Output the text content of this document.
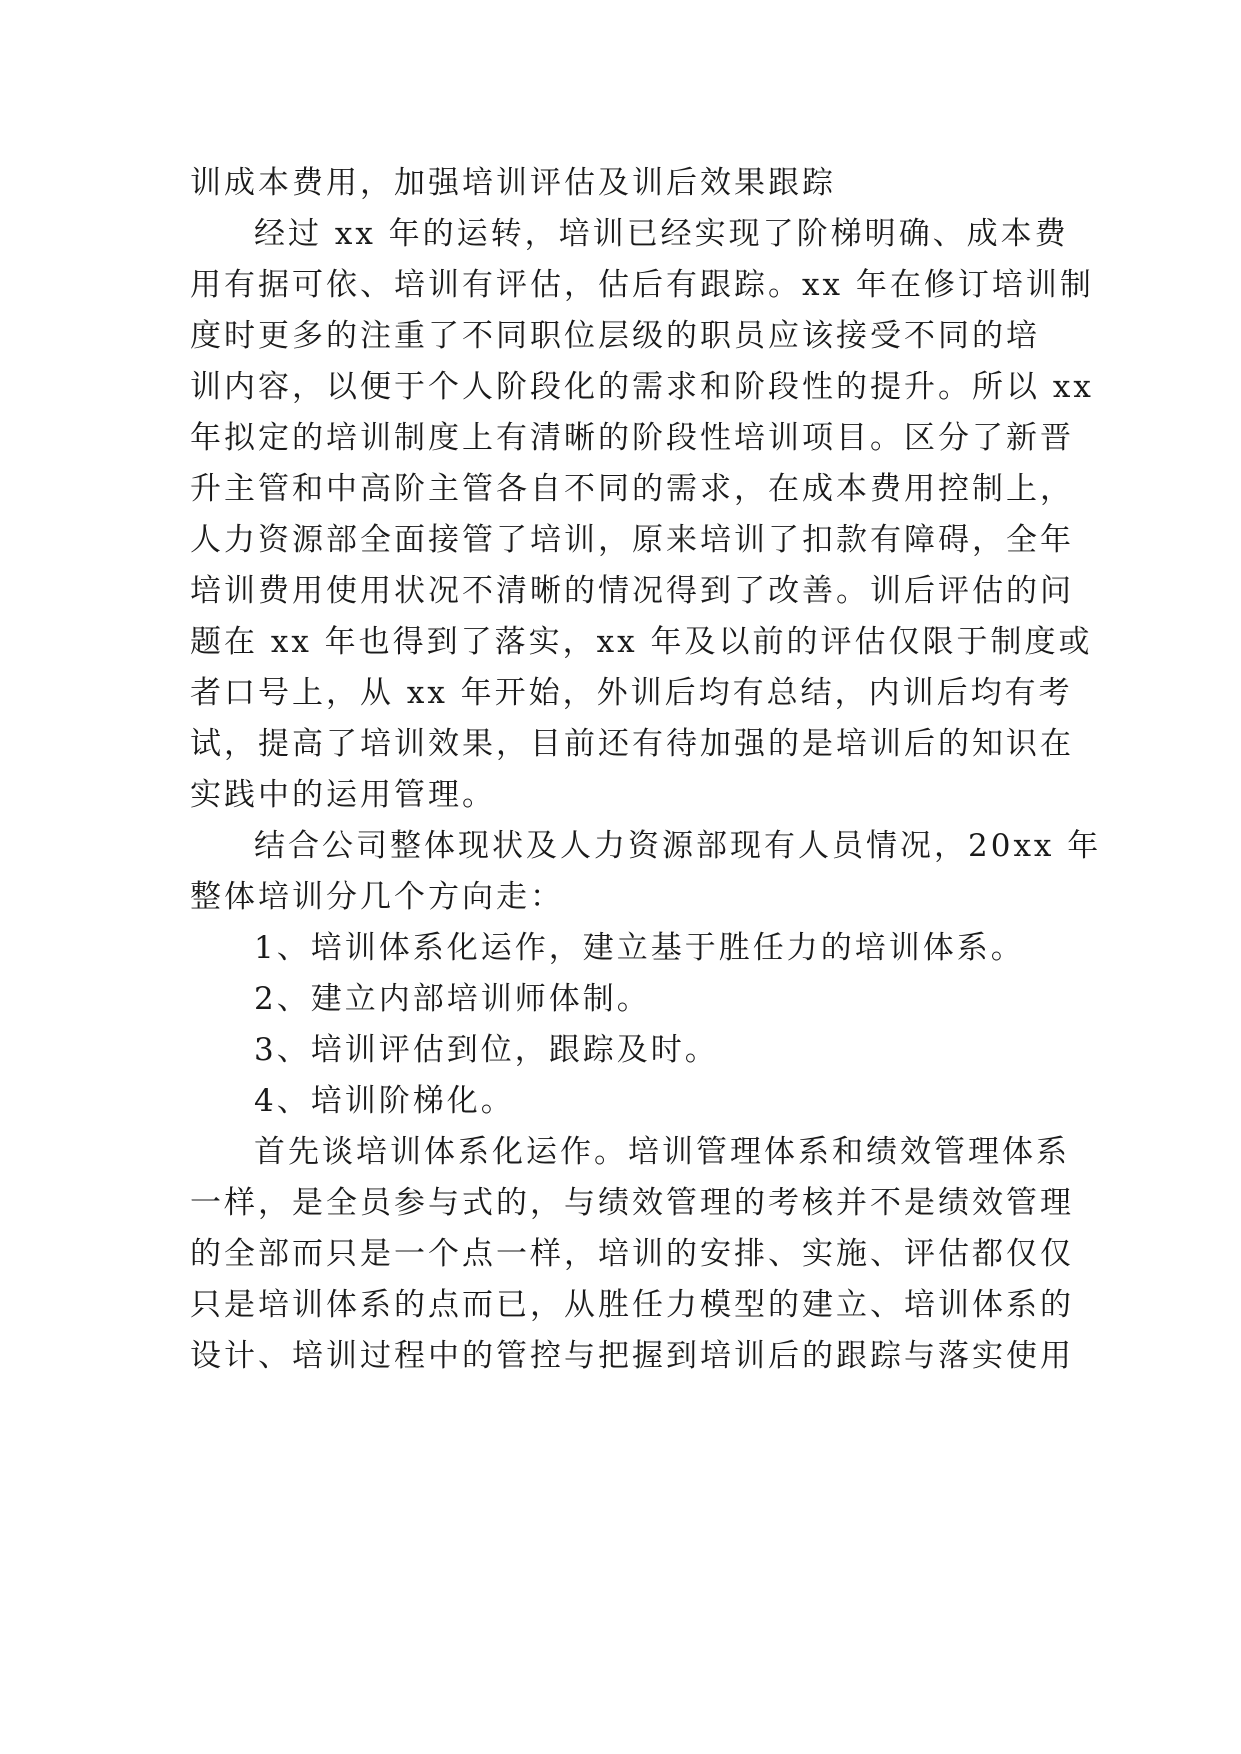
训成本费用，加强培训评估及训后效果跟踪
经过 xx 年的运转，培训已经实现了阶梯明确、成本费
用有据可依、培训有评估，估后有跟踪。xx 年在修订培训制
度时更多的注重了不同职位层级的职员应该接受不同的培
训内容，以便于个人阶段化的需求和阶段性的提升。所以 xx
年拟定的培训制度上有清晰的阶段性培训项目。区分了新晋
升主管和中高阶主管各自不同的需求，在成本费用控制上，
人力资源部全面接管了培训，原来培训了扣款有障碍，全年
培训费用使用状况不清晰的情况得到了改善。训后评估的问
题在 xx 年也得到了落实，xx 年及以前的评估仅限于制度或
者口号上，从 xx 年开始，外训后均有总结，内训后均有考
试，提高了培训效果，目前还有待加强的是培训后的知识在
实践中的运用管理。
结合公司整体现状及人力资源部现有人员情况，20xx 年
整体培训分几个方向走：
1、培训体系化运作，建立基于胜任力的培训体系。
2、建立内部培训师体制。
3、培训评估到位，跟踪及时。
4、培训阶梯化。
首先谈培训体系化运作。培训管理体系和绩效管理体系
一样，是全员参与式的，与绩效管理的考核并不是绩效管理
的全部而只是一个点一样，培训的安排、实施、评估都仅仅
只是培训体系的点而已，从胜任力模型的建立、培训体系的
设计、培训过程中的管控与把握到培训后的跟踪与落实使用
